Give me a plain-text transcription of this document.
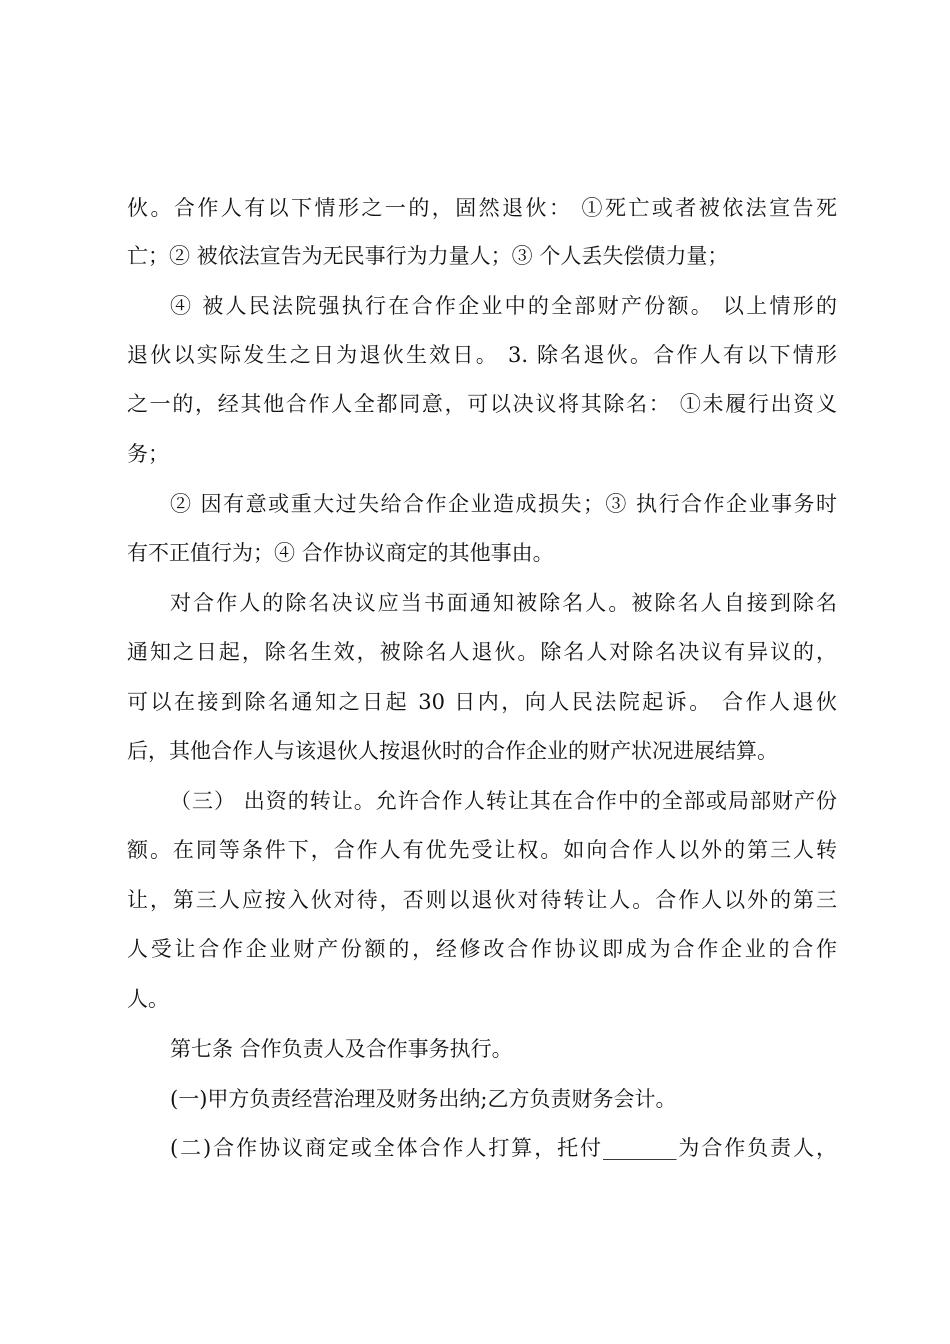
伙。合作人有以下情形之一的，固然退伙： ①死亡或者被依法宣告死
亡；② 被依法宣告为无民事行为力量人；③ 个人丢失偿债力量；
④ 被人民法院强执行在合作企业中的全部财产份额。 以上情形的
退伙以实际发生之日为退伙生效日。 3. 除名退伙。合作人有以下情形
之一的，经其他合作人全都同意，可以决议将其除名： ①未履行出资义
务；
② 因有意或重大过失给合作企业造成损失；③ 执行合作企业事务时
有不正值行为；④ 合作协议商定的其他事由。
对合作人的除名决议应当书面通知被除名人。被除名人自接到除名
通知之日起，除名生效，被除名人退伙。除名人对除名决议有异议的，
可以在接到除名通知之日起 30 日内，向人民法院起诉。 合作人退伙
后，其他合作人与该退伙人按退伙时的合作企业的财产状况进展结算。
（三） 出资的转让。允许合作人转让其在合作中的全部或局部财产份
额。在同等条件下，合作人有优先受让权。如向合作人以外的第三人转
让，第三人应按入伙对待，否则以退伙对待转让人。合作人以外的第三
人受让合作企业财产份额的，经修改合作协议即成为合作企业的合作
人。
第七条 合作负责人及合作事务执行。
(一)甲方负责经营治理及财务出纳;乙方负责财务会计。
(二)合作协议商定或全体合作人打算，托付_______为合作负责人，
